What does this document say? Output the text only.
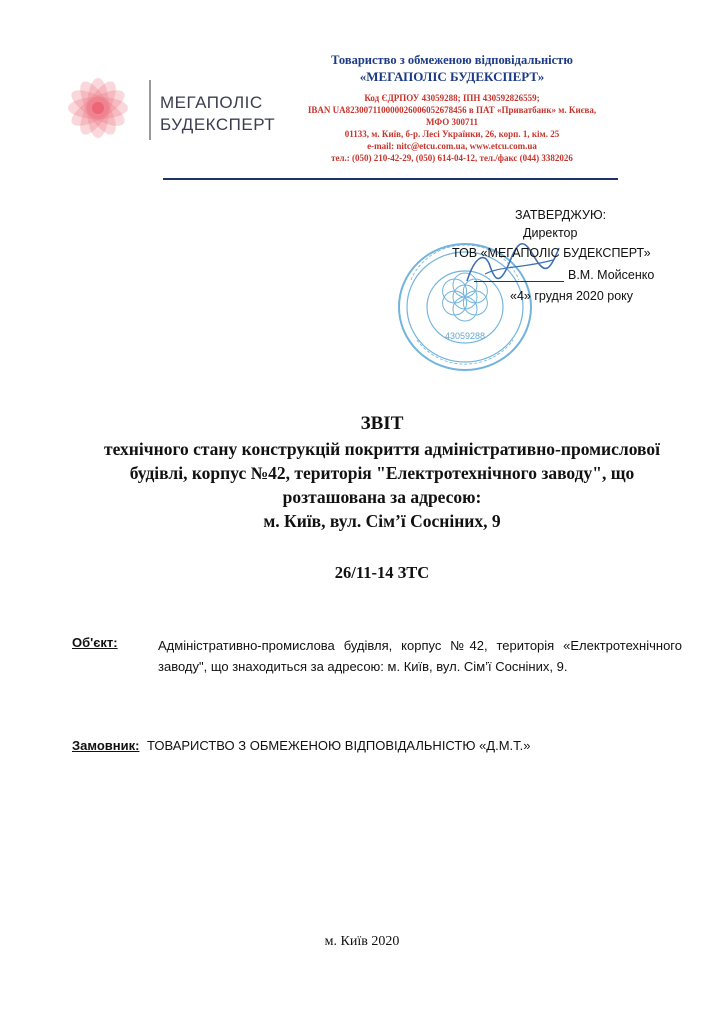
МЕГАПОЛІС
БУДЕКСПЕРТ
Товариство з обмеженою відповідальністю
«МЕГАПОЛІС БУДЕКСПЕРТ»
Код ЄДРПОУ 43059288; ІПН 430592826559;
IBAN UA823007110000026006052678456 в ПАТ «Приватбанк» м. Києва,
МФО 300711
01133, м. Київ, б-р. Лесі Українки, 26, корп. 1, кім. 25
e-mail: nitc@etcu.com.ua, www.etcu.com.ua
тел.: (050) 210-42-29, (050) 614-04-12, тел./факс (044) 3382026
43059288
ЗАТВЕРДЖУЮ:
Директор
ТОВ «МЕГАПОЛІС БУДЕКСПЕРТ»
В.М. Мойсенко
«4» грудня 2020 року
ЗВІТ
технічного стану конструкцій покриття адміністративно-промислової
будівлі, корпус №42, територія "Електротехнічного заводу", що
розташована за адресою:
м. Київ, вул. Сім’ї Сосніних, 9
26/11-14 ЗТС
Об'єкт:	Адміністративно-промислова будівля, корпус №42, територія «Електротехнічного заводу", що знаходиться за адресою: м. Київ, вул. Сім’ї Сосніних, 9.
Замовник: ТОВАРИСТВО З ОБМЕЖЕНОЮ ВІДПОВІДАЛЬНІСТЮ «Д.М.Т.»
м. Київ 2020
